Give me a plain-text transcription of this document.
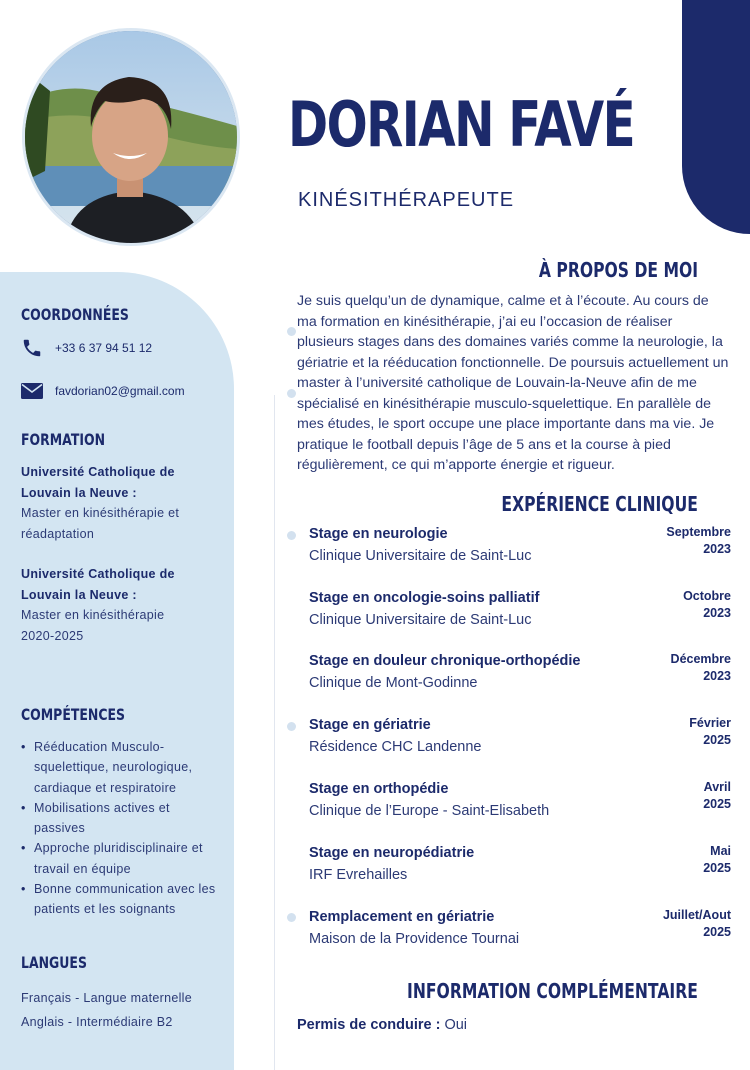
DORIAN FAVÉ
KINÉSITHÉRAPEUTE
COORDONNÉES
+33 6 37 94 51 12
favdorian02@gmail.com
FORMATION
Université Catholique de
Louvain la Neuve :
Master en kinésithérapie et
réadaptation
Université Catholique de
Louvain la Neuve :
Master en kinésithérapie
2020-2025
COMPÉTENCES
• Rééducation Musculo-squelettique, neurologique, cardiaque et respiratoire
• Mobilisations actives et passives
• Approche pluridisciplinaire et travail en équipe
• Bonne communication avec les patients et les soignants
LANGUES
Français - Langue maternelle
Anglais - Intermédiaire B2
À PROPOS DE MOI

Je suis quelqu’un de dynamique, calme et à l’écoute. Au cours de ma formation en kinésithérapie, j’ai eu l’occasion de réaliser plusieurs stages dans des domaines variés comme la neurologie, la gériatrie et la rééducation fonctionnelle. De poursuis actuellement un master à l’université catholique de Louvain-la-Neuve afin de me spécialisé en kinésithérapie musculo-squelettique. En parallèle de mes études, le sport occupe une place importante dans ma vie. Je pratique le football depuis l’âge de 5 ans et la course à pied régulièrement, ce qui m’apporte énergie et rigueur.

EXPÉRIENCE CLINIQUE
Stage en neurologie
Clinique Universitaire de Saint-Luc
Septembre
2023
Stage en oncologie-soins palliatif
Clinique Universitaire de Saint-Luc
Octobre
2023
Stage en douleur chronique-orthopédie
Clinique de Mont-Godinne
Décembre
2023
Stage en gériatrie
Résidence CHC Landenne
Février
2025
Stage en orthopédie
Clinique de l’Europe - Saint-Elisabeth
Avril
2025
Stage en neuropédiatrie
IRF Evrehailles
Mai
2025
Remplacement en gériatrie
Maison de la Providence Tournai
Juillet/Aout
2025
INFORMATION COMPLÉMENTAIRE
Permis de conduire : Oui
